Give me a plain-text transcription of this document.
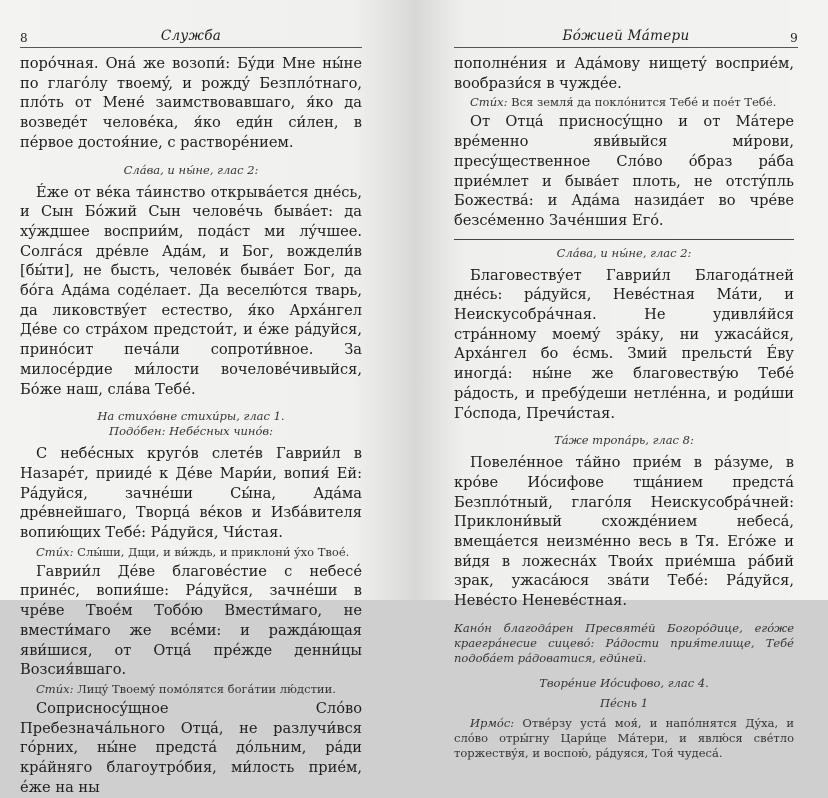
8	Служба

порóчная. Онá же возопи́: Бýди Мне ны́не по глагóлу твоемý, и рождý Безплóтнаго, плóть от Мене́ заимствовавшаго, я́ко да возведéт человéка, я́ко еди́н си́лен, в пéрвое достоя́ние, с растворéнием.

Слáва, и ны́не, глас 2:

Éже от вéка тáинство открывáется днéсь, и Сын Бóжий Сын человéчь бывáет: да хýждшее восприи́м, подáст ми лýчшее. Солгáся дрéвле Адáм, и Бог, вождели́в [бы́ти], не бысть, человéк бывáет Бог, да бóга Адáма содéлает. Да веселю́тся тварь, да ликовствýет естество, я́ко Архáнгел Дéве со стрáхом предстои́т, и éже рáдуйся, прино́сит печáли сопроти́вное. За милосéрдие ми́лости вочеловéчивыйся, Бóже наш, слáва Тебé.

На стихóвне стихи́ры, глас 1.
Подóбен: Небéсных чинóв:

С небéсных кругóв слетéв Гаврии́л в Назарéт, приидé к Дéве Мари́и, вопия́ Ей: Рáдуйся, зачнéши Сы́на, Адáма дрéвнейшаго, Творцá вéков и Избáвителя вопию́щих Тебé: Рáдуйся, Чи́стая.

Сти́х: Слы́ши, Дщи, и ви́ждь, и приклони́ ýхо Твоé.

Гаврии́л Дéве благовéстие с небесé принéс, вопия́ше: Рáдуйся, зачнéши в чрéве Твоéм Тобóю Вмести́маго, не вмести́маго же всéми: и раждáющая яви́шися, от Отцá прéжде денни́цы Возсия́вшаго.

Сти́х: Лицý Твоемý помóлятся богáтии лю́дстии.

Соприсносýщное Слóво Пребезначáльного Отцá, не разлучи́вся гóрних, ны́не предстá дóльним, рáди крáйняго благоутрóбия, ми́лость приéм, éже на ны

Бóжией Мáтери	9

пополнéния и Адáмову нищетý восприéм, вообрази́ся в чуждéе.

Сти́х: Вся земля́ да поклóнится Тебé и поéт Тебé.

От Отцá присносýщно и от Мáтере врéменно яви́выйся ми́рови, пресýщественное Слóво óбраз рáба приéмлет и быва́ет плоть, не отстýпль Божествá: и Адáма назидáет во чрéве безсéменно Зачéншия Егó.

Слáва, и ны́не, глас 2:

Благовеству́ет Гаврии́л Благодáтней днéсь: рáдуйся, Невéстная Мáти, и Неискусобрáчная. Не удивля́йся стрáнному моемý зрáку, ни ужасáйся, Архáнгел бо éсмь. Змий прельсти́ Éву иногдá: ны́не же благовествýю Тебé рáдость, и пребýдеши нетлéнна, и роди́ши Гóспода, Пречи́стая.

Тáже тропáрь, глас 8:

Повелéнное тáйно приéм в рáзуме, в крóве Иóсифове тщáнием предстá Безплóтный, глагóля Неискусобрáчней: Приклони́вый схождéнием небесá, вмещáется неизмéнно весь в Тя. Егóже и ви́дя в ложесна́х Твои́х приéмша рáбий зрак, ужасáюся звáти Тебé: Рáдуйся, Невéсто Неневéстная.

Канóн благодáрен Пресвятéй Богорóдице, егóже краегрáнесие сицевó: Рáдости прия́телище, Тебé подобáет рáдоватися, еди́ней.
Творéние Иóсифово, глас 4.
Пéснь 1
Ирмóс: Отвéрзу устá моя́, и напóлнятся Дýха, и слóво отры́гну Цари́це Мáтери, и явлю́ся свéтло торжествýя, и воспою́, рáдуяся, Тоя́ чудесá.
